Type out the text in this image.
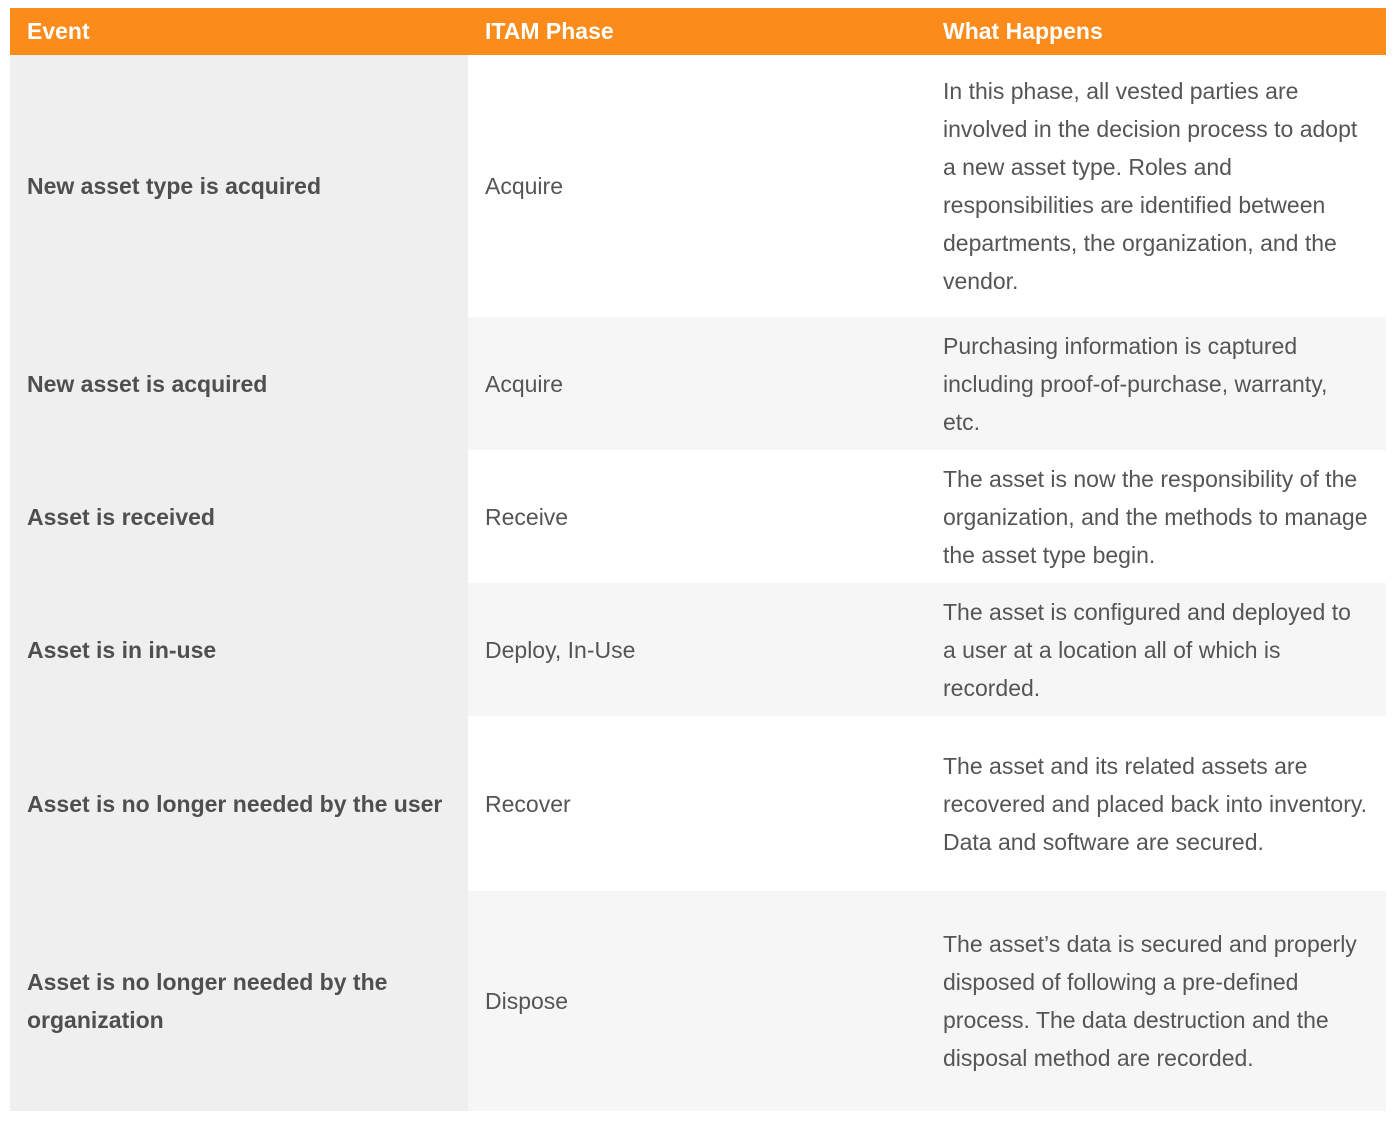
Event	ITAM Phase	What Happens
New asset type is acquired	Acquire	In this phase, all vested parties are involved in the decision process to adopt a new asset type. Roles and responsibilities are identified between departments, the organization, and the vendor.
New asset is acquired	Acquire	Purchasing information is captured including proof-of-purchase, warranty, etc.
Asset is received	Receive	The asset is now the responsibility of the organization, and the methods to manage the asset type begin.
Asset is in in-use	Deploy, In-Use	The asset is configured and deployed to a user at a location all of which is recorded.
Asset is no longer needed by the user	Recover	The asset and its related assets are recovered and placed back into inventory. Data and software are secured.
Asset is no longer needed by the organization	Dispose	The asset’s data is secured and properly disposed of following a pre-defined process. The data destruction and the disposal method are recorded.
